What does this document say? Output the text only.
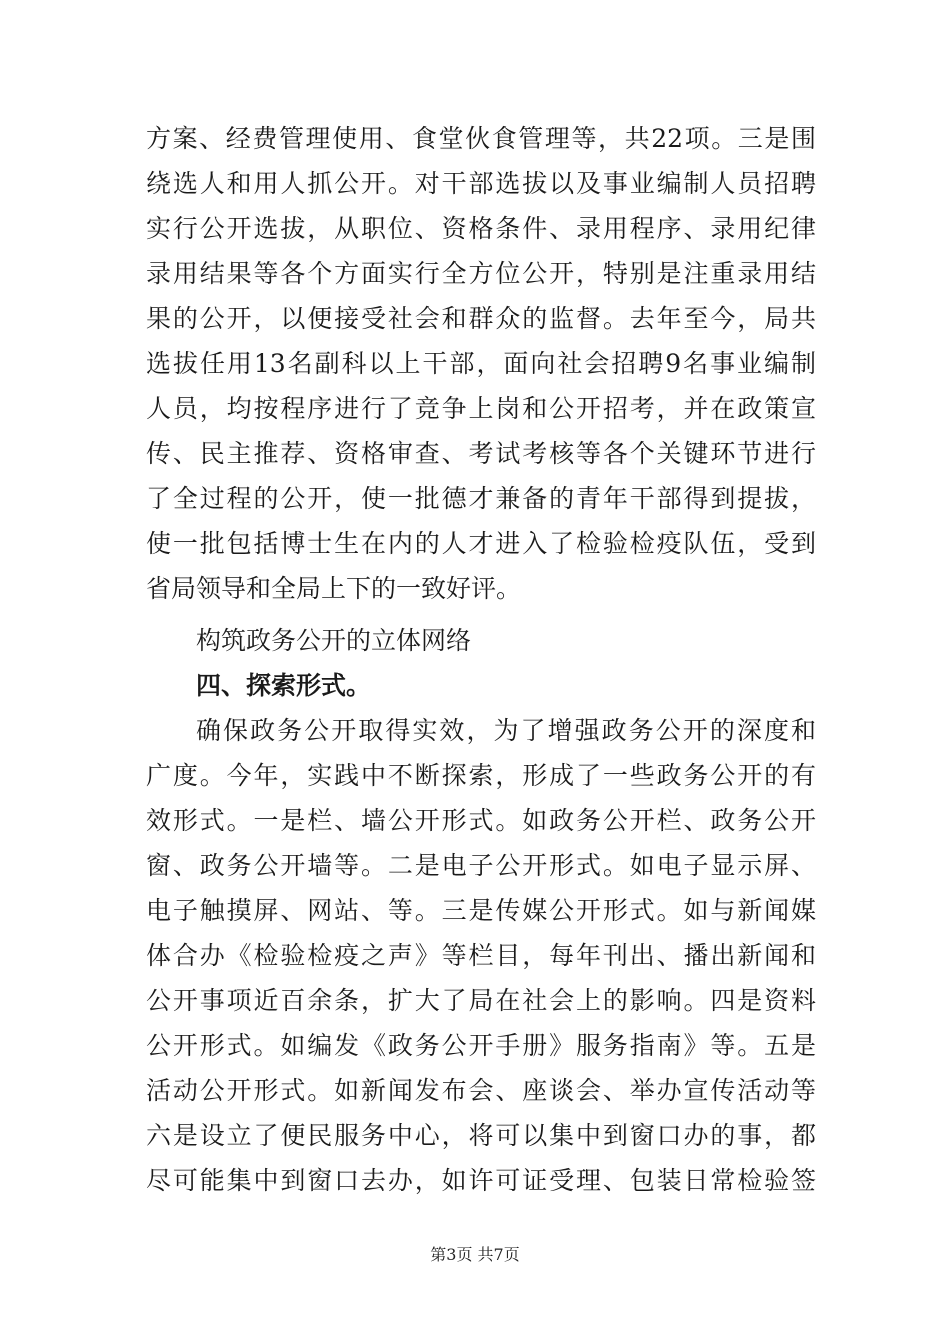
方案、经费管理使用、食堂伙食管理等，共22项。三是围
绕选人和用人抓公开。对干部选拔以及事业编制人员招聘
实行公开选拔，从职位、资格条件、录用程序、录用纪律
录用结果等各个方面实行全方位公开，特别是注重录用结
果的公开，以便接受社会和群众的监督。去年至今，局共
选拔任用13名副科以上干部，面向社会招聘9名事业编制
人员，均按程序进行了竞争上岗和公开招考，并在政策宣
传、民主推荐、资格审查、考试考核等各个关键环节进行
了全过程的公开，使一批德才兼备的青年干部得到提拔，
使一批包括博士生在内的人才进入了检验检疫队伍，受到
省局领导和全局上下的一致好评。
构筑政务公开的立体网络
四、探索形式。
确保政务公开取得实效，为了增强政务公开的深度和
广度。今年，实践中不断探索，形成了一些政务公开的有
效形式。一是栏、墙公开形式。如政务公开栏、政务公开
窗、政务公开墙等。二是电子公开形式。如电子显示屏、
电子触摸屏、网站、等。三是传媒公开形式。如与新闻媒
体合办《检验检疫之声》等栏目，每年刊出、播出新闻和
公开事项近百余条，扩大了局在社会上的影响。四是资料
公开形式。如编发《政务公开手册》服务指南》等。五是
活动公开形式。如新闻发布会、座谈会、举办宣传活动等
六是设立了便民服务中心，将可以集中到窗口办的事，都
尽可能集中到窗口去办，如许可证受理、包装日常检验签
第3页 共7页
